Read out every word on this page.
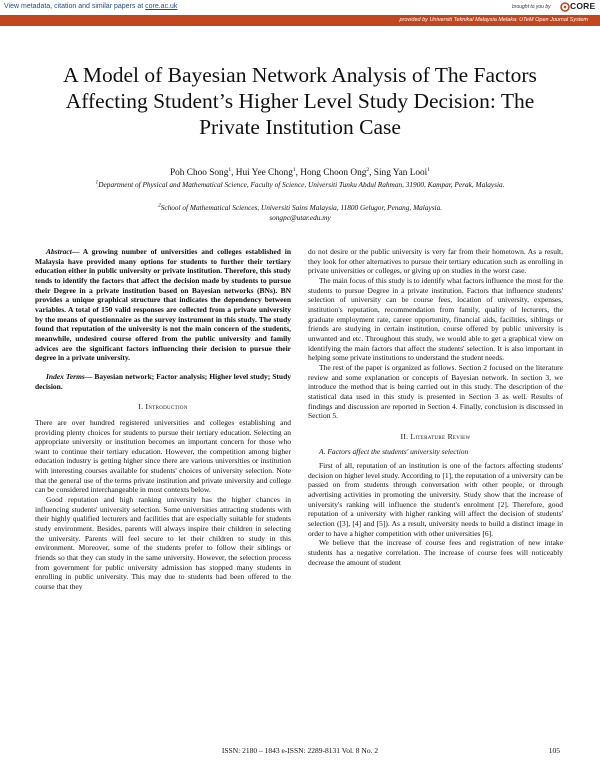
View metadata, citation and similar papers at core.ac.uk	brought to you by CORE
provided by Universiti Teknikal Malaysia Melaka: UTeM Open Journal System
A Model of Bayesian Network Analysis of The Factors Affecting Student’s Higher Level Study Decision: The Private Institution Case
Poh Choo Song$^1$, Hui Yee Chong$^1$, Hong Choon Ong$^2$, Sing Yan Looi$^1$
$^1$Department of Physical and Mathematical Science, Faculty of Science, Universiti Tunku Abdul Rahman, 31900, Kampar, Perak, Malaysia.
$^2$School of Mathematical Sciences, Universiti Sains Malaysia, 11800 Gelugor, Penang, Malaysia.
songpc@utar.edu.my

Abstract— A growing number of universities and colleges established in Malaysia have provided many options for students to further their tertiary education either in public university or private institution. Therefore, this study tends to identify the factors that affect the decision made by students to pursue their Degree in a private institution based on Bayesian networks (BNs). BN provides a unique graphical structure that indicates the dependency between variables. A total of 150 valid responses are collected from a private university by the means of questionnaire as the survey instrument in this study. The study found that reputation of the university is not the main concern of the students, meanwhile, undesired course offered from the public university and family advices are the significant factors influencing their decision to pursue their degree in a private university.

Index Terms— Bayesian network; Factor analysis; Higher level study; Study decision.

I. Introduction

There are over hundred registered universities and colleges establishing and providing plenty choices for students to pursue their tertiary education. Selecting an appropriate university or institution becomes an important concern for those who want to continue their tertiary education. However, the competition among higher education industry is getting higher since there are various universities or institution with interesting courses available for students' choices of university selection. Note that the general use of the terms private institution and private university and college can be considered interchangeable in most contexts below.

Good reputation and high ranking university has the higher chances in influencing students' university selection. Some universities attracting students with their highly qualified lecturers and facilities that are especially suitable for students study environment. Besides, parents will always inspire their children in selecting the university. Parents will feel secure to let their children to study in this environment. Moreover, some of the students prefer to follow their siblings or friends so that they can study in the same university. However, the selection process from government for public university admission has stopped many students in enrolling in public university. This may due to students had been offered to the course that they

do not desire or the public university is very far from their hometown. As a result, they look for other alternatives to pursue their tertiary education such as enrolling in private universities or colleges, or giving up on studies in the worst case.

The main focus of this study is to identify what factors influence the most for the students to pursue Degree in a private institution. Factors that influence students' selection of university can be course fees, location of university, expenses, institution's reputation, recommendation from family, quality of lecturers, the graduate employment rate, career opportunity, financial aids, facilities, siblings or friends are studying in certain institution, course offered by public university is unwanted and etc. Throughout this study, we would able to get a graphical view on identifying the main factors that affect the students' selection. It is also important in helping some private institutions to understand the student needs.

The rest of the paper is organized as follows. Section 2 focused on the literature review and some explanation or concepts of Bayesian network. In section 3, we introduce the method that is being carried out in this study. The description of the statistical data used in this study is presented in Section 3 as well. Results of findings and discussion are reported in Section 4. Finally, conclusion is discussed in Section 5.

II. Literature Review
A. Factors affect the students' university selection

First of all, reputation of an institution is one of the factors affecting students' decision on higher level study. According to [1], the reputation of a university can be passed on from students through conversation with other people, or through advertising activities in promoting the university. Study show that the increase of university's ranking will influence the student's enrolment [2]. Therefore, good reputation of a university with higher ranking will affect the decision of students' selection ([3], [4] and [5]). As a result, university needs to build a distinct image in order to have a higher competition with other universities [6].

We believe that the increase of course fees and registration of new intake students has a negative correlation. The increase of course fees will noticeably decrease the amount of student

ISSN: 2180 – 1843 e-ISSN: 2289-8131 Vol. 8 No. 2	105
